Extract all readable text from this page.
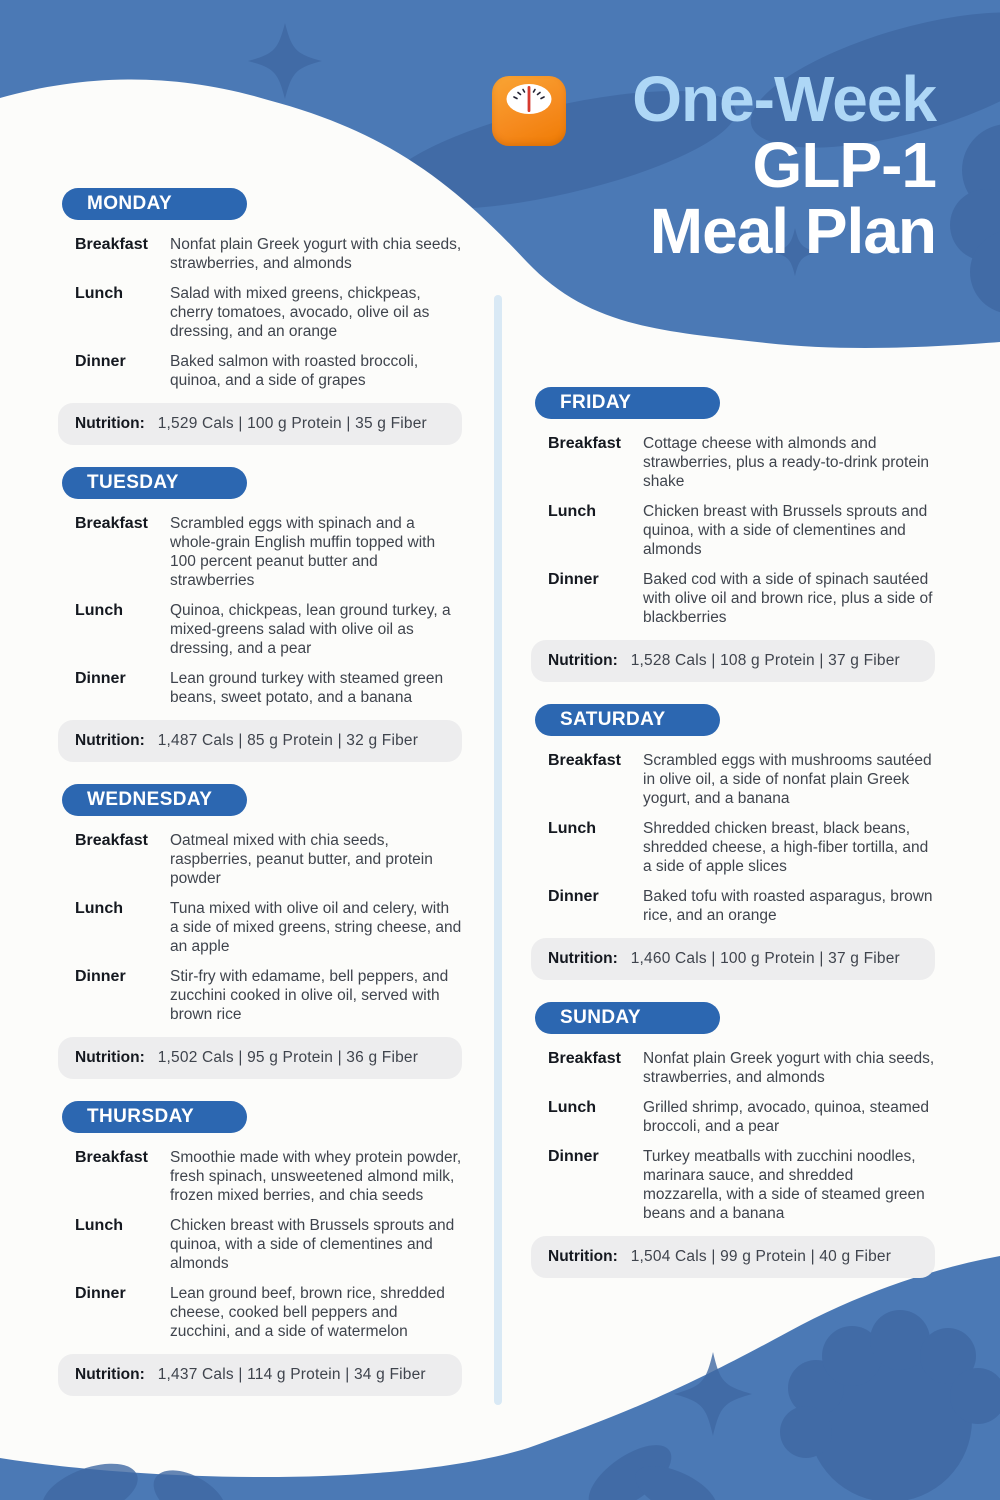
One-Week
GLP-1
Meal Plan
MONDAY
Breakfast	Nonfat plain Greek yogurt with chia seeds, strawberries, and almonds
Lunch	Salad with mixed greens, chickpeas, cherry tomatoes, avocado, olive oil as dressing, and an orange
Dinner	Baked salmon with roasted broccoli, quinoa, and a side of grapes
Nutrition: 1,529 Cals | 100 g Protein | 35 g Fiber
TUESDAY
Breakfast	Scrambled eggs with spinach and a whole-grain English muffin topped with 100 percent peanut butter and strawberries
Lunch	Quinoa, chickpeas, lean ground turkey, a mixed-greens salad with olive oil as dressing, and a pear
Dinner	Lean ground turkey with steamed green beans, sweet potato, and a banana
Nutrition: 1,487 Cals | 85 g Protein | 32 g Fiber
WEDNESDAY
Breakfast	Oatmeal mixed with chia seeds, raspberries, peanut butter, and protein powder
Lunch	Tuna mixed with olive oil and celery, with a side of mixed greens, string cheese, and an apple
Dinner	Stir-fry with edamame, bell peppers, and zucchini cooked in olive oil, served with brown rice
Nutrition: 1,502 Cals | 95 g Protein | 36 g Fiber
THURSDAY
Breakfast	Smoothie made with whey protein powder, fresh spinach, unsweetened almond milk, frozen mixed berries, and chia seeds
Lunch	Chicken breast with Brussels sprouts and quinoa, with a side of clementines and almonds
Dinner	Lean ground beef, brown rice, shredded cheese, cooked bell peppers and zucchini, and a side of watermelon
Nutrition: 1,437 Cals | 114 g Protein | 34 g Fiber
FRIDAY
Breakfast	Cottage cheese with almonds and strawberries, plus a ready-to-drink protein shake
Lunch	Chicken breast with Brussels sprouts and quinoa, with a side of clementines and almonds
Dinner	Baked cod with a side of spinach sautéed with olive oil and brown rice, plus a side of blackberries
Nutrition: 1,528 Cals | 108 g Protein | 37 g Fiber
SATURDAY
Breakfast	Scrambled eggs with mushrooms sautéed in olive oil, a side of nonfat plain Greek yogurt, and a banana
Lunch	Shredded chicken breast, black beans, shredded cheese, a high-fiber tortilla, and a side of apple slices
Dinner	Baked tofu with roasted asparagus, brown rice, and an orange
Nutrition: 1,460 Cals | 100 g Protein | 37 g Fiber
SUNDAY
Breakfast	Nonfat plain Greek yogurt with chia seeds, strawberries, and almonds
Lunch	Grilled shrimp, avocado, quinoa, steamed broccoli, and a pear
Dinner	Turkey meatballs with zucchini noodles, marinara sauce, and shredded mozzarella, with a side of steamed green beans and a banana
Nutrition: 1,504 Cals | 99 g Protein | 40 g Fiber
